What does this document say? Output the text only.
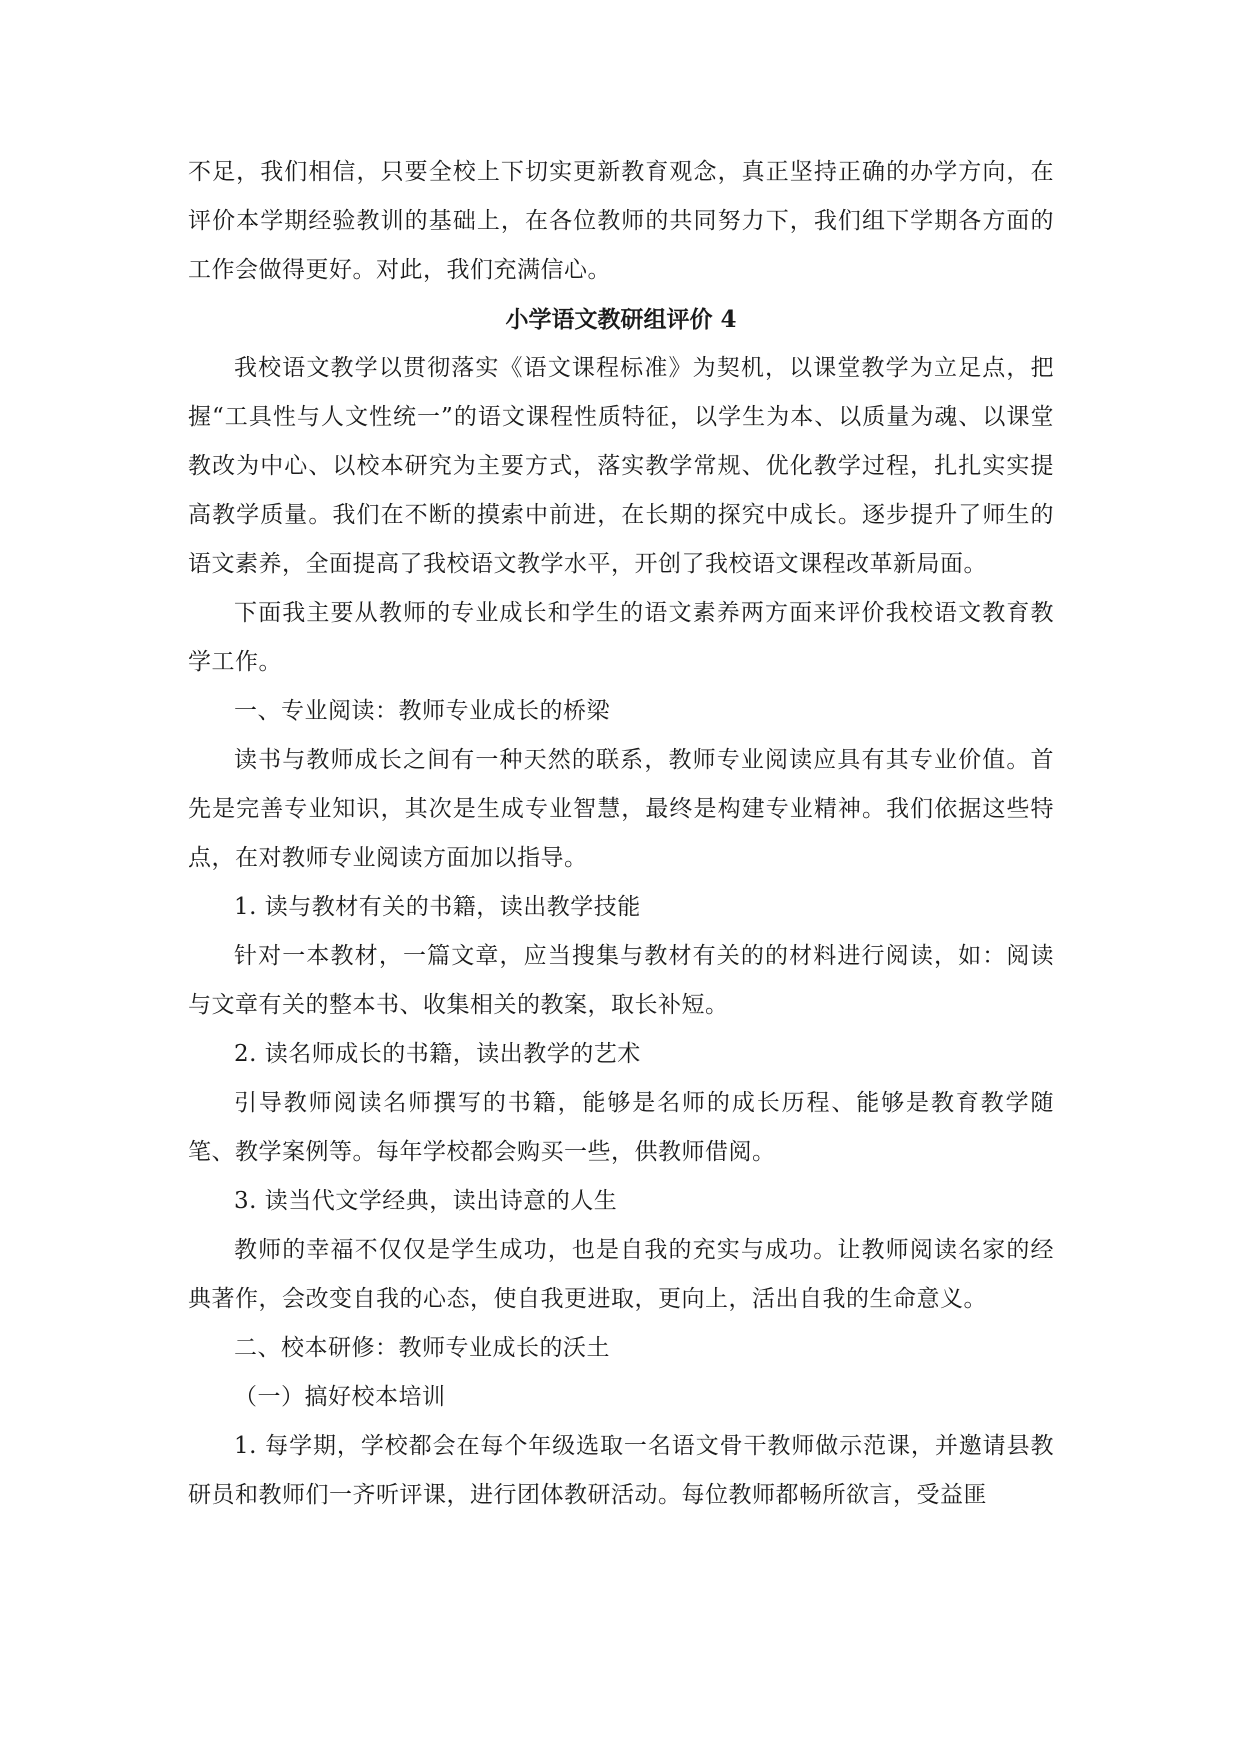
不足，我们相信，只要全校上下切实更新教育观念，真正坚持正确的办学方向，在评价本学期经验教训的基础上，在各位教师的共同努力下，我们组下学期各方面的工作会做得更好。对此，我们充满信心。

小学语文教研组评价 4

我校语文教学以贯彻落实《语文课程标准》为契机，以课堂教学为立足点，把握“工具性与人文性统一”的语文课程性质特征，以学生为本、以质量为魂、以课堂教改为中心、以校本研究为主要方式，落实教学常规、优化教学过程，扎扎实实提高教学质量。我们在不断的摸索中前进，在长期的探究中成长。逐步提升了师生的语文素养，全面提高了我校语文教学水平，开创了我校语文课程改革新局面。

下面我主要从教师的专业成长和学生的语文素养两方面来评价我校语文教育教学工作。

一、专业阅读：教师专业成长的桥梁

读书与教师成长之间有一种天然的联系，教师专业阅读应具有其专业价值。首先是完善专业知识，其次是生成专业智慧，最终是构建专业精神。我们依据这些特点，在对教师专业阅读方面加以指导。

1. 读与教材有关的书籍，读出教学技能

针对一本教材，一篇文章，应当搜集与教材有关的的材料进行阅读，如：阅读与文章有关的整本书、收集相关的教案，取长补短。

2. 读名师成长的书籍，读出教学的艺术

引导教师阅读名师撰写的书籍，能够是名师的成长历程、能够是教育教学随笔、教学案例等。每年学校都会购买一些，供教师借阅。

3. 读当代文学经典，读出诗意的人生

教师的幸福不仅仅是学生成功，也是自我的充实与成功。让教师阅读名家的经典著作，会改变自我的心态，使自我更进取，更向上，活出自我的生命意义。

二、校本研修：教师专业成长的沃土

（一）搞好校本培训

1. 每学期，学校都会在每个年级选取一名语文骨干教师做示范课，并邀请县教研员和教师们一齐听评课，进行团体教研活动。每位教师都畅所欲言，受益匪
